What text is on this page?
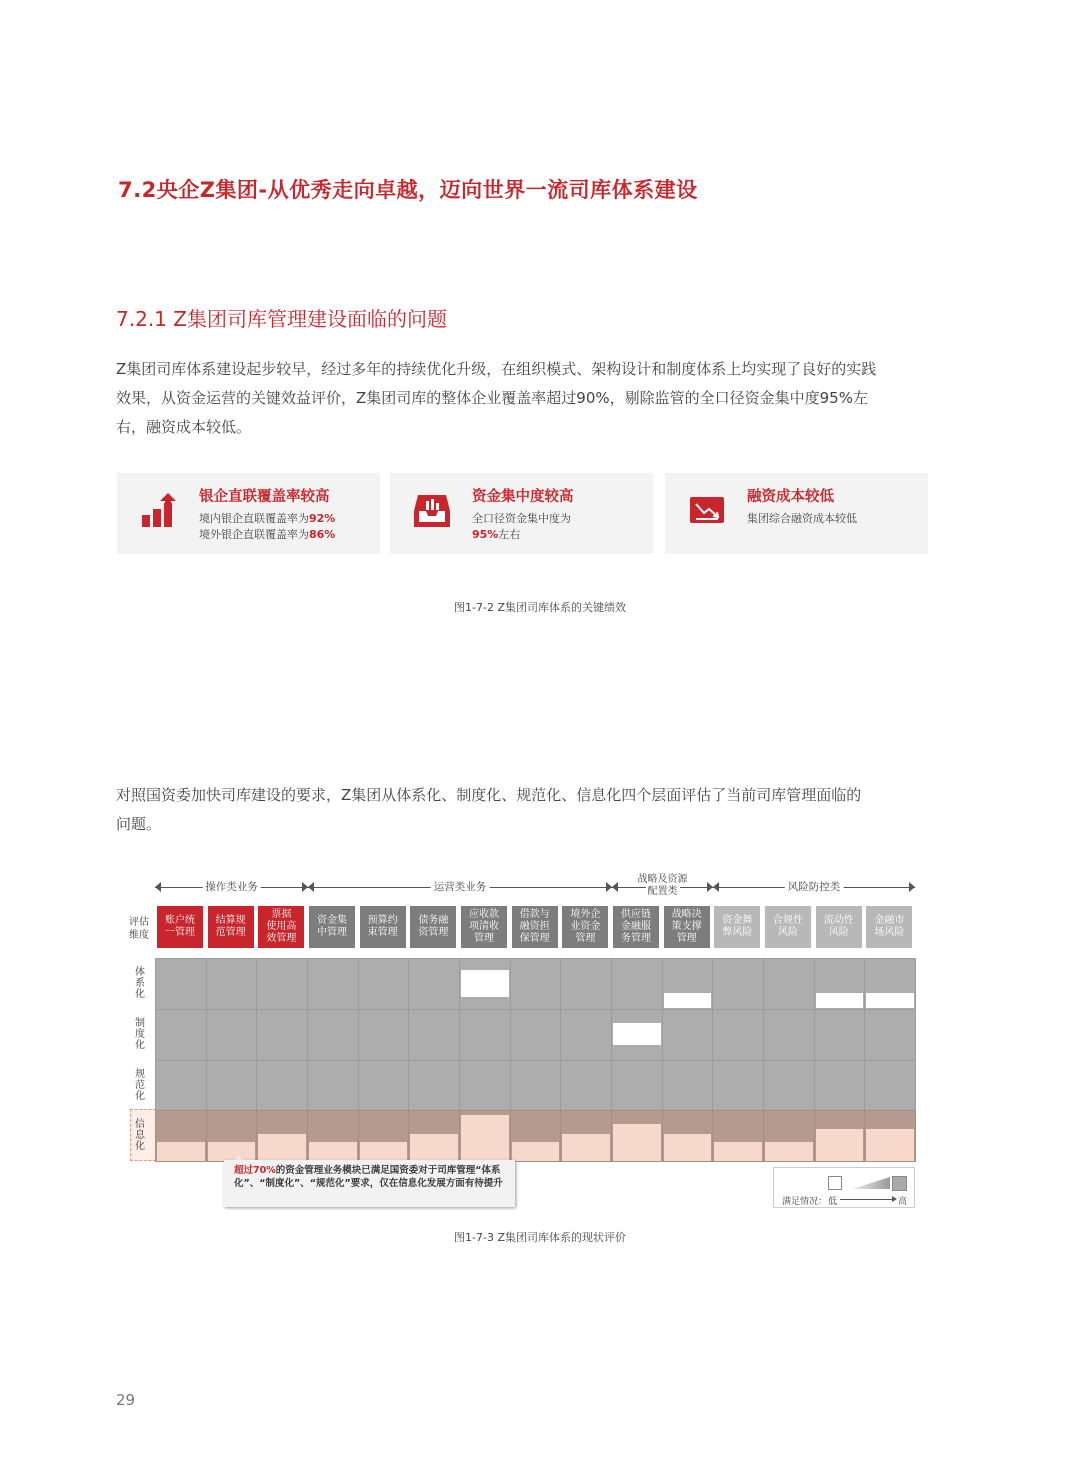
7.2央企Z集团-从优秀走向卓越，迈向世界一流司库体系建设
7.2.1 Z集团司库管理建设面临的问题
Z集团司库体系建设起步较早，经过多年的持续优化升级，在组织模式、架构设计和制度体系上均实现了良好的实践
效果，从资金运营的关键效益评价，Z集团司库的整体企业覆盖率超过90%，剔除监管的全口径资金集中度95%左
右，融资成本较低。
银企直联覆盖率较高
境内银企直联覆盖率为92%
境外银企直联覆盖率为86%
资金集中度较高
全口径资金集中度为
95%左右
融资成本较低
集团综合融资成本较低
图1-7-2 Z集团司库体系的关键绩效
对照国资委加快司库建设的要求，Z集团从体系化、制度化、规范化、信息化四个层面评估了当前司库管理面临的
问题。
评估
维度
操作类业务	运营类业务
战略及资源
配置类	风险防控类
账户统
一管理
结算规
范管理
票据
使用高
效管理
资金集
中管理
预算约
束管理
债务融
资管理
应收款
项清收
管理
借款与
融资担
保管理
境外企
业资金
管理
供应链
金融服
务管理
战略决
策支撑
管理
资金舞
弊风险
合规性
风险
流动性
风险
金融市
场风险
体
系
化
制
度
化
规
范
化
信
息
化
超过70%的资金管理业务模块已满足国资委对于司库管理“体系化”、“制度化”、“规范化”要求，仅在信息化发展方面有待提升
满足情况： 低	高
图1-7-3 Z集团司库体系的现状评价
29
